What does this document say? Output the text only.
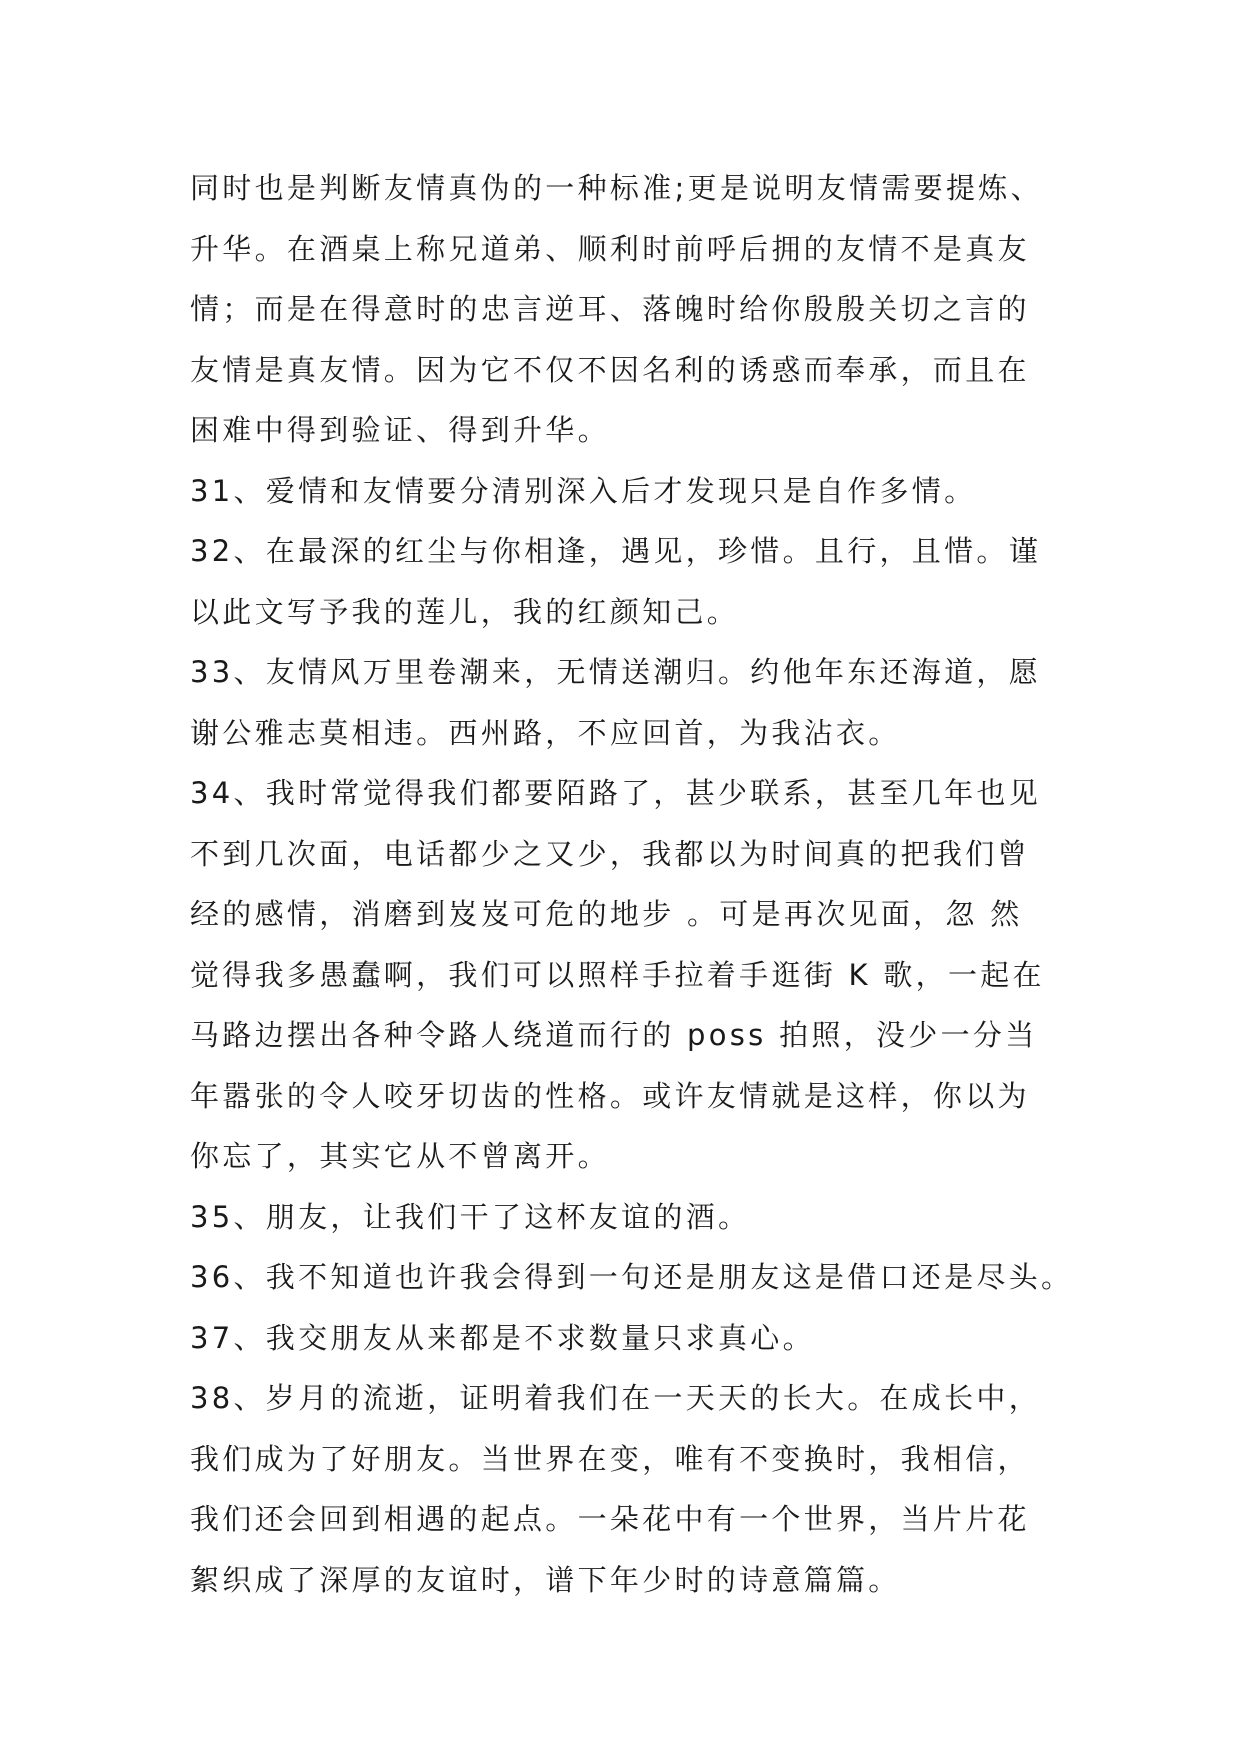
同时也是判断友情真伪的一种标准;更是说明友情需要提炼、
升华。在酒桌上称兄道弟、顺利时前呼后拥的友情不是真友
情；而是在得意时的忠言逆耳、落魄时给你殷殷关切之言的
友情是真友情。因为它不仅不因名利的诱惑而奉承，而且在
困难中得到验证、得到升华。
31、爱情和友情要分清别深入后才发现只是自作多情。
32、在最深的红尘与你相逢，遇见，珍惜。且行，且惜。谨
以此文写予我的莲儿，我的红颜知己。
33、友情风万里卷潮来，无情送潮归。约他年东还海道，愿
谢公雅志莫相违。西州路，不应回首，为我沾衣。
34、我时常觉得我们都要陌路了，甚少联系，甚至几年也见
不到几次面，电话都少之又少，我都以为时间真的把我们曾
经的感情，消磨到岌岌可危的地步 。可是再次见面，忽 然
觉得我多愚蠢啊，我们可以照样手拉着手逛街 K 歌，一起在
马路边摆出各种令路人绕道而行的 poss 拍照，没少一分当
年嚣张的令人咬牙切齿的性格。或许友情就是这样，你以为
你忘了，其实它从不曾离开。
35、朋友，让我们干了这杯友谊的酒。
36、我不知道也许我会得到一句还是朋友这是借口还是尽头。
37、我交朋友从来都是不求数量只求真心。
38、岁月的流逝，证明着我们在一天天的长大。在成长中，
我们成为了好朋友。当世界在变，唯有不变换时，我相信，
我们还会回到相遇的起点。一朵花中有一个世界，当片片花
絮织成了深厚的友谊时，谱下年少时的诗意篇篇。
